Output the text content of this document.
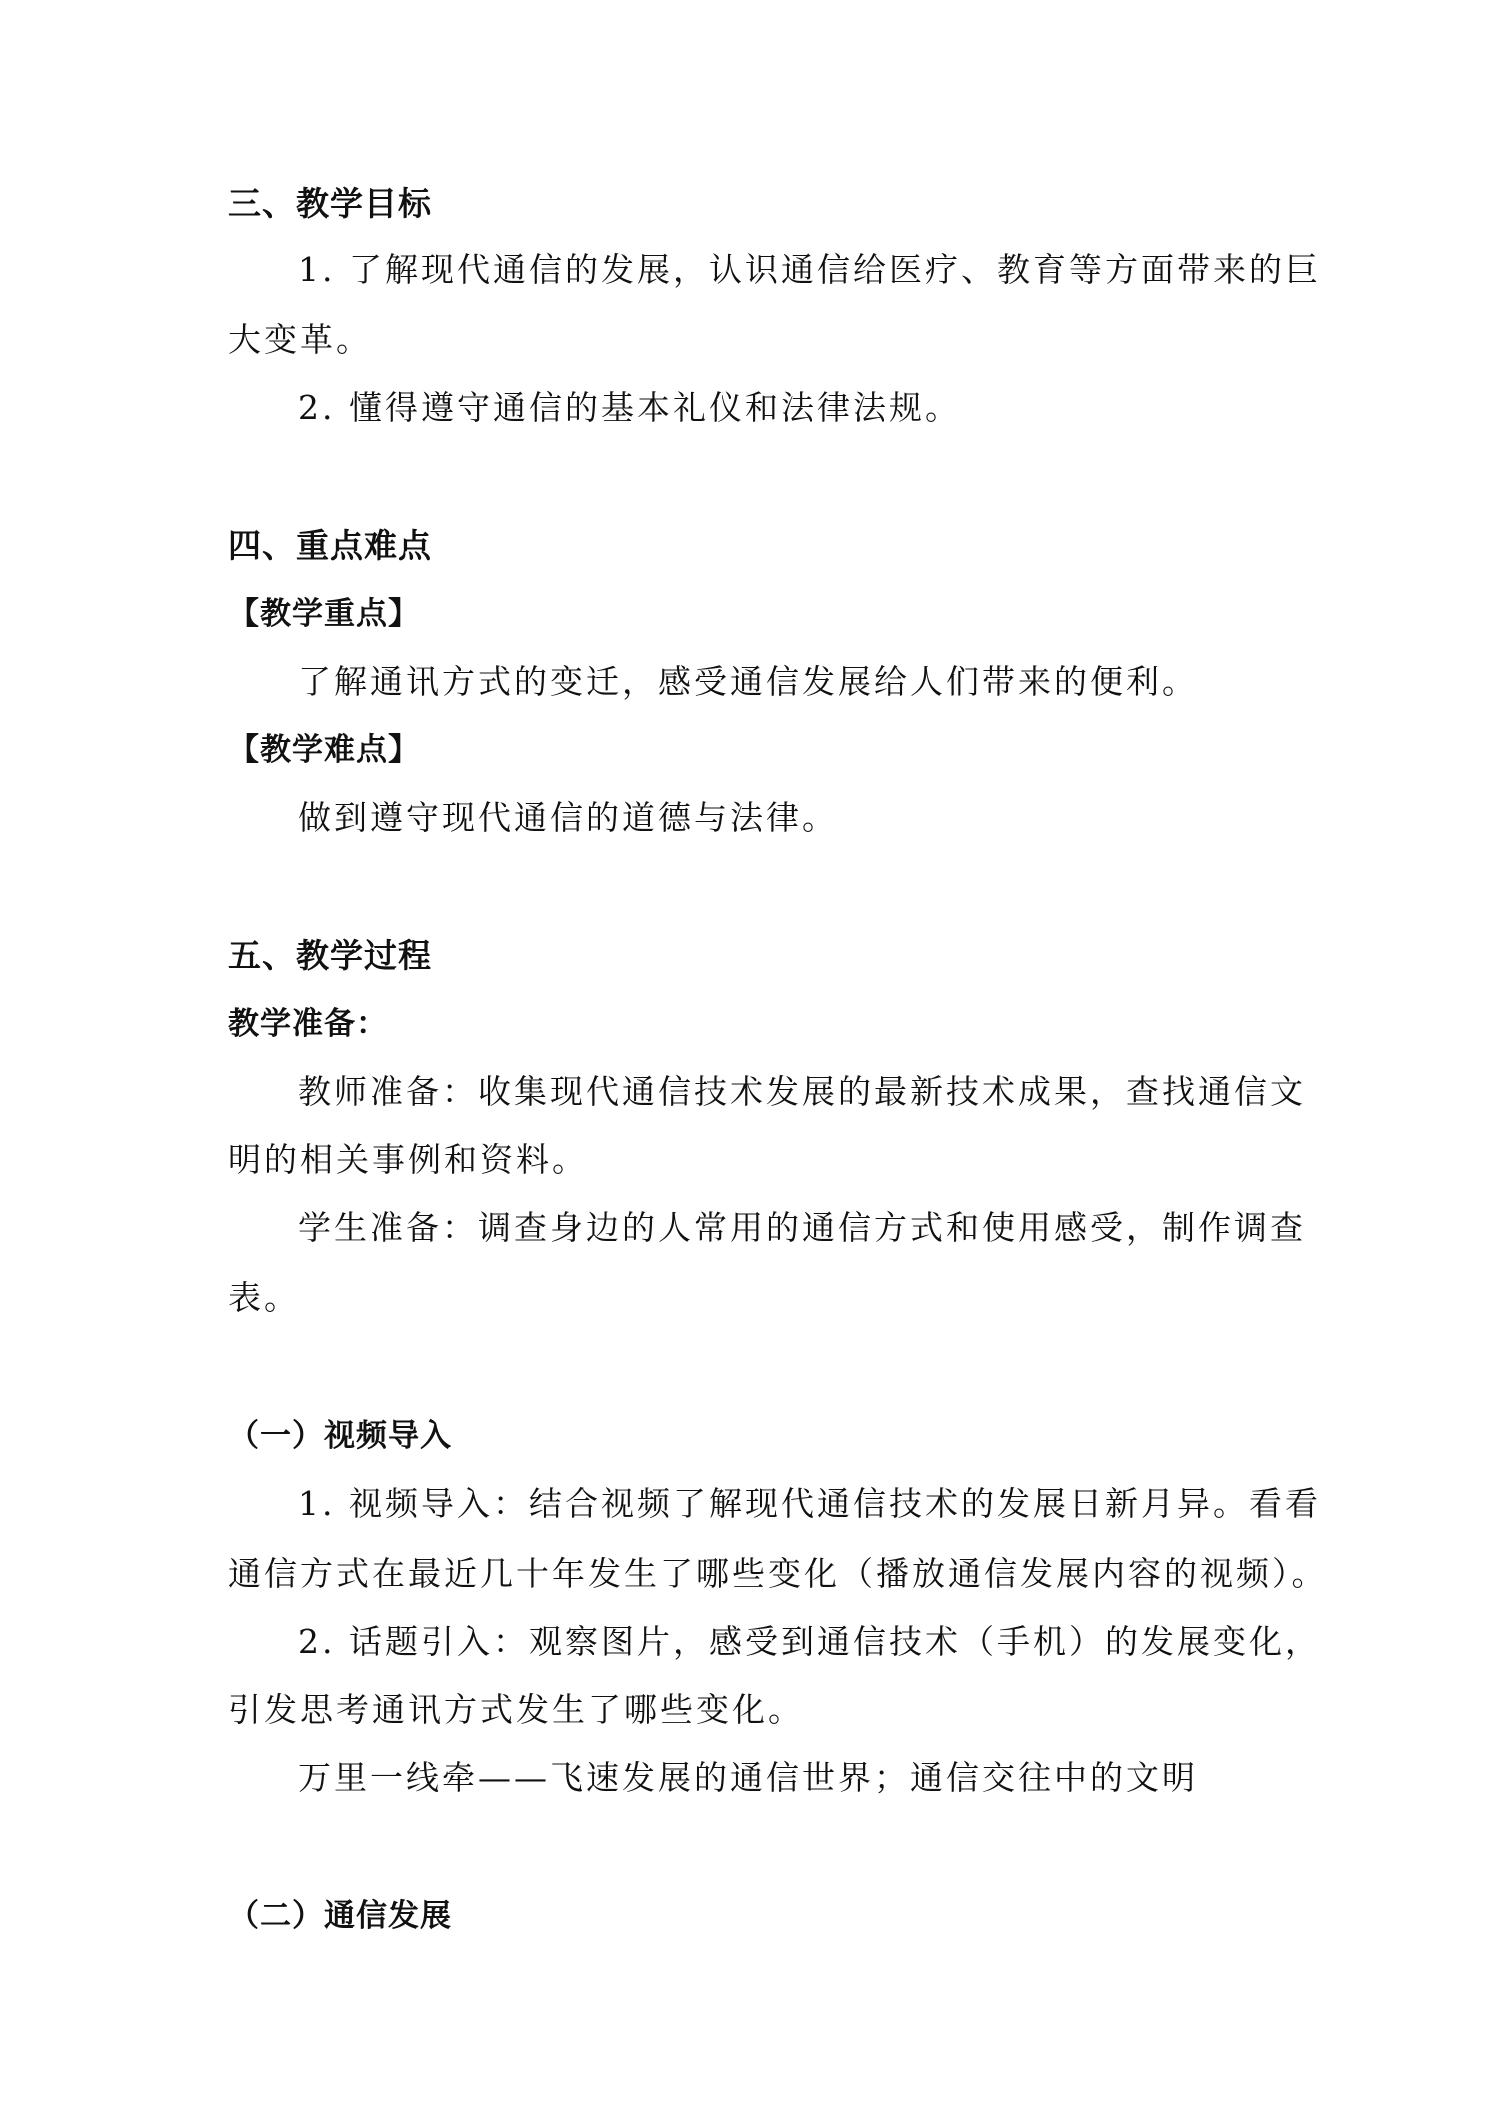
三、教学目标
1. 了解现代通信的发展，认识通信给医疗、教育等方面带来的巨
大变革。
2. 懂得遵守通信的基本礼仪和法律法规。
四、重点难点
【教学重点】
了解通讯方式的变迁，感受通信发展给人们带来的便利。
【教学难点】
做到遵守现代通信的道德与法律。
五、教学过程
教学准备：
教师准备：收集现代通信技术发展的最新技术成果，查找通信文
明的相关事例和资料。
学生准备：调查身边的人常用的通信方式和使用感受，制作调查
表。
（一）视频导入
1. 视频导入：结合视频了解现代通信技术的发展日新月异。看看
通信方式在最近几十年发生了哪些变化（播放通信发展内容的视频）。
2. 话题引入：观察图片，感受到通信技术（手机）的发展变化，
引发思考通讯方式发生了哪些变化。
万里一线牵——飞速发展的通信世界；通信交往中的文明
（二）通信发展
